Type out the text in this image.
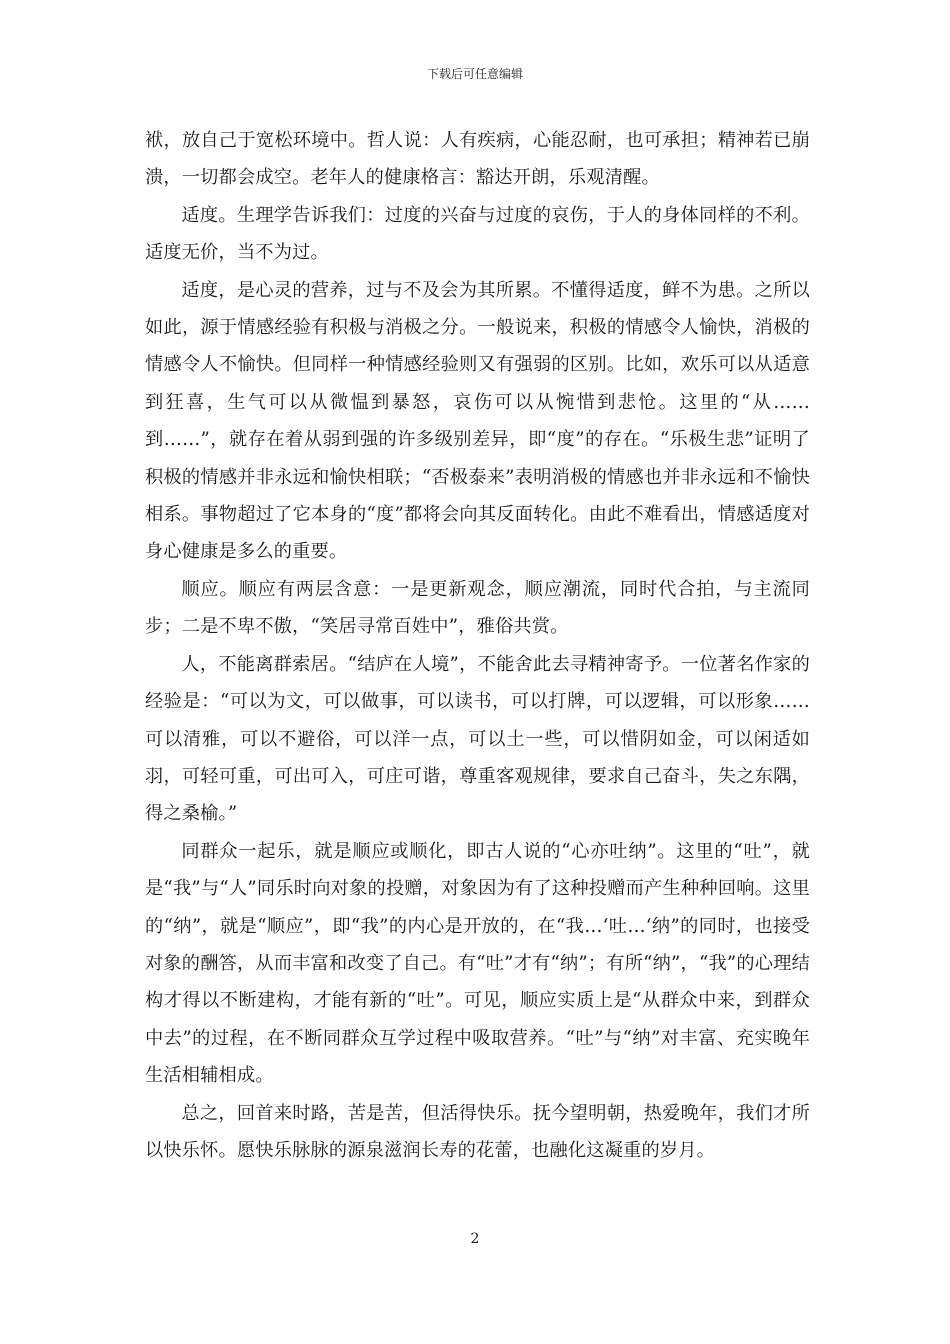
下载后可任意编辑

袱，放自己于宽松环境中。哲人说：人有疾病，心能忍耐，也可承担；精神若已崩溃，一切都会成空。老年人的健康格言：豁达开朗，乐观清醒。

适度。生理学告诉我们：过度的兴奋与过度的哀伤，于人的身体同样的不利。适度无价，当不为过。

适度，是心灵的营养，过与不及会为其所累。不懂得适度，鲜不为患。之所以如此，源于情感经验有积极与消极之分。一般说来，积极的情感令人愉快，消极的情感令人不愉快。但同样一种情感经验则又有强弱的区别。比如，欢乐可以从适意到狂喜，生气可以从微愠到暴怒，哀伤可以从惋惜到悲怆。这里的“从……到……”，就存在着从弱到强的许多级别差异，即“度”的存在。“乐极生悲”证明了积极的情感并非永远和愉快相联；“否极泰来”表明消极的情感也并非永远和不愉快相系。事物超过了它本身的“度”都将会向其反面转化。由此不难看出，情感适度对身心健康是多么的重要。

顺应。顺应有两层含意：一是更新观念，顺应潮流，同时代合拍，与主流同步；二是不卑不傲，“笑居寻常百姓中”，雅俗共赏。

人，不能离群索居。“结庐在人境”，不能舍此去寻精神寄予。一位著名作家的经验是：“可以为文，可以做事，可以读书，可以打牌，可以逻辑，可以形象……可以清雅，可以不避俗，可以洋一点，可以土一些，可以惜阴如金，可以闲适如羽，可轻可重，可出可入，可庄可谐，尊重客观规律，要求自己奋斗，失之东隅，得之桑榆。”

同群众一起乐，就是顺应或顺化，即古人说的“心亦吐纳”。这里的“吐”，就是“我”与“人”同乐时向对象的投赠，对象因为有了这种投赠而产生种种回响。这里的“纳”，就是“顺应”，即“我”的内心是开放的，在“我…‘吐…‘纳”的同时，也接受对象的酬答，从而丰富和改变了自己。有“吐”才有“纳”；有所“纳”，“我”的心理结构才得以不断建构，才能有新的“吐”。可见，顺应实质上是“从群众中来，到群众中去”的过程，在不断同群众互学过程中吸取营养。“吐”与“纳”对丰富、充实晚年生活相辅相成。

总之，回首来时路，苦是苦，但活得快乐。抚今望明朝，热爱晚年，我们才所以快乐怀。愿快乐脉脉的源泉滋润长寿的花蕾，也融化这凝重的岁月。

2
